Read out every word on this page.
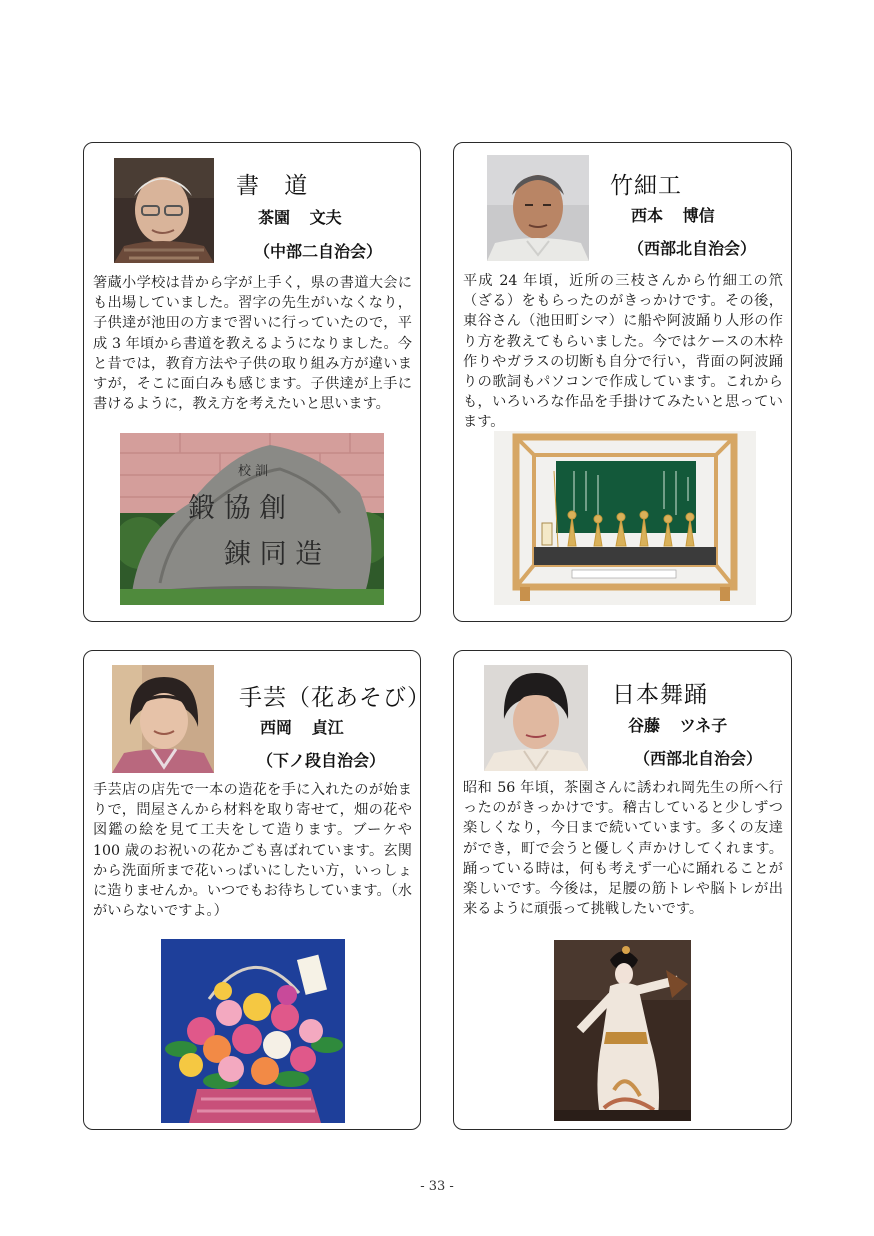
書 道
茶園 文夫
（中部二自治会）

箸蔵小学校は昔から字が上手く，県の書道大会にも出場していました。習字の先生がいなくなり，子供達が池田の方まで習いに行っていたので，平成 3 年頃から書道を教えるようになりました。今と昔では，教育方法や子供の取り組み方が違いますが，そこに面白みも感じます。子供達が上手に書けるように，教え方を考えたいと思います。

校 訓
鍛 協 創
錬 同 造
竹細工
西本 博信
（西部北自治会）

平成 24 年頃，近所の三枝さんから竹細工の笊（ざる）をもらったのがきっかけです。その後，東谷さん（池田町シマ）に船や阿波踊り人形の作り方を教えてもらいました。今ではケースの木枠作りやガラスの切断も自分で行い，背面の阿波踊りの歌詞もパソコンで作成しています。これからも，いろいろな作品を手掛けてみたいと思っています。

手芸（花あそび）
西岡 貞江
（下ノ段自治会）

手芸店の店先で一本の造花を手に入れたのが始まりで，問屋さんから材料を取り寄せて，畑の花や図鑑の絵を見て工夫をして造ります。ブーケや 100 歳のお祝いの花かごも喜ばれています。玄関から洗面所まで花いっぱいにしたい方，いっしょに造りませんか。いつでもお待ちしています。（水がいらないですよ。）

日本舞踊
谷藤 ツネ子
（西部北自治会）

昭和 56 年頃，茶園さんに誘われ岡先生の所へ行ったのがきっかけです。稽古していると少しずつ楽しくなり，今日まで続いています。多くの友達ができ，町で会うと優しく声かけしてくれます。踊っている時は，何も考えず一心に踊れることが楽しいです。今後は，足腰の筋トレや脳トレが出来るように頑張って挑戦したいです。

- 33 -
